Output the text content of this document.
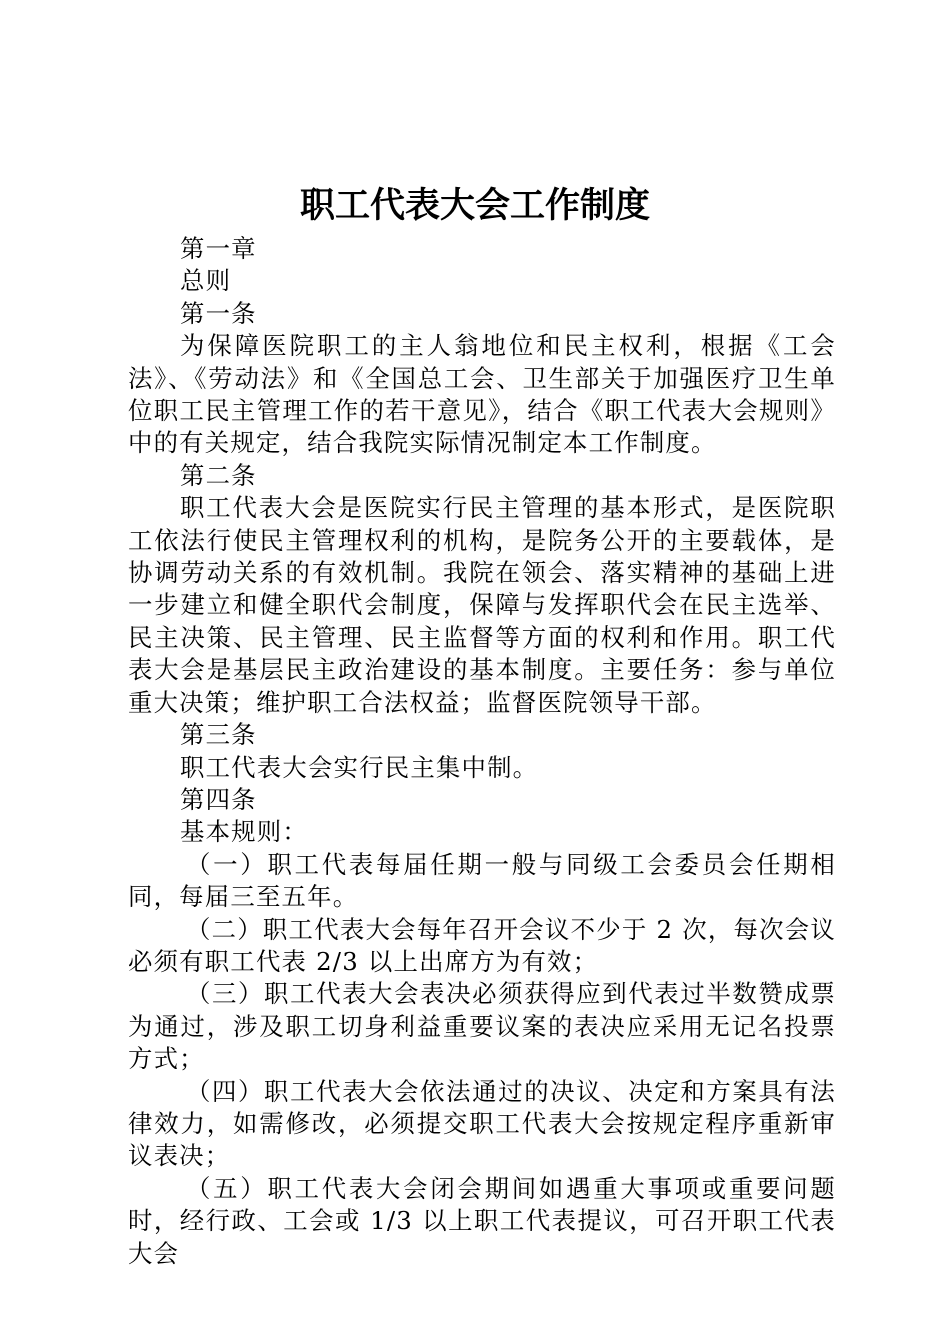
职工代表大会工作制度

第一章

总则

第一条

为保障医院职工的主人翁地位和民主权利，根据《工会法》、《劳动法》和《全国总工会、卫生部关于加强医疗卫生单位职工民主管理工作的若干意见》，结合《职工代表大会规则》中的有关规定，结合我院实际情况制定本工作制度。

第二条

职工代表大会是医院实行民主管理的基本形式，是医院职工依法行使民主管理权利的机构，是院务公开的主要载体，是协调劳动关系的有效机制。我院在领会、落实精神的基础上进一步建立和健全职代会制度，保障与发挥职代会在民主选举、民主决策、民主管理、民主监督等方面的权利和作用。职工代表大会是基层民主政治建设的基本制度。主要任务：参与单位重大决策；维护职工合法权益；监督医院领导干部。

第三条

职工代表大会实行民主集中制。

第四条

基本规则：

（一）职工代表每届任期一般与同级工会委员会任期相同，每届三至五年。

（二）职工代表大会每年召开会议不少于 2 次，每次会议必须有职工代表 2/3 以上出席方为有效；

（三）职工代表大会表决必须获得应到代表过半数赞成票为通过，涉及职工切身利益重要议案的表决应采用无记名投票方式；

（四）职工代表大会依法通过的决议、决定和方案具有法律效力，如需修改，必须提交职工代表大会按规定程序重新审议表决；

（五）职工代表大会闭会期间如遇重大事项或重要问题时，经行政、工会或 1/3 以上职工代表提议，可召开职工代表大会
